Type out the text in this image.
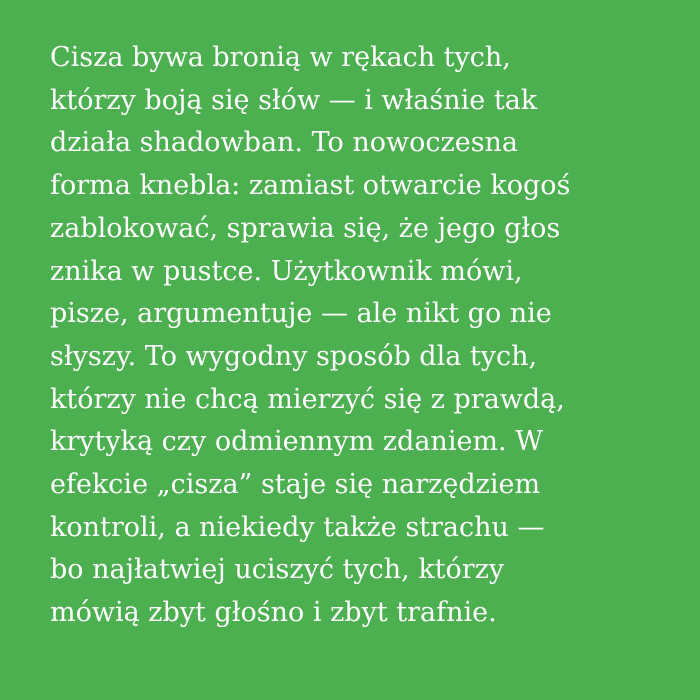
Cisza bywa bronią w rękach tych,
którzy boją się słów — i właśnie tak
działa shadowban. To nowoczesna
forma knebla: zamiast otwarcie kogoś
zablokować, sprawia się, że jego głos
znika w pustce. Użytkownik mówi,
pisze, argumentuje — ale nikt go nie
słyszy. To wygodny sposób dla tych,
którzy nie chcą mierzyć się z prawdą,
krytyką czy odmiennym zdaniem. W
efekcie „cisza” staje się narzędziem
kontroli, a niekiedy także strachu —
bo najłatwiej uciszyć tych, którzy
mówią zbyt głośno i zbyt trafnie.
